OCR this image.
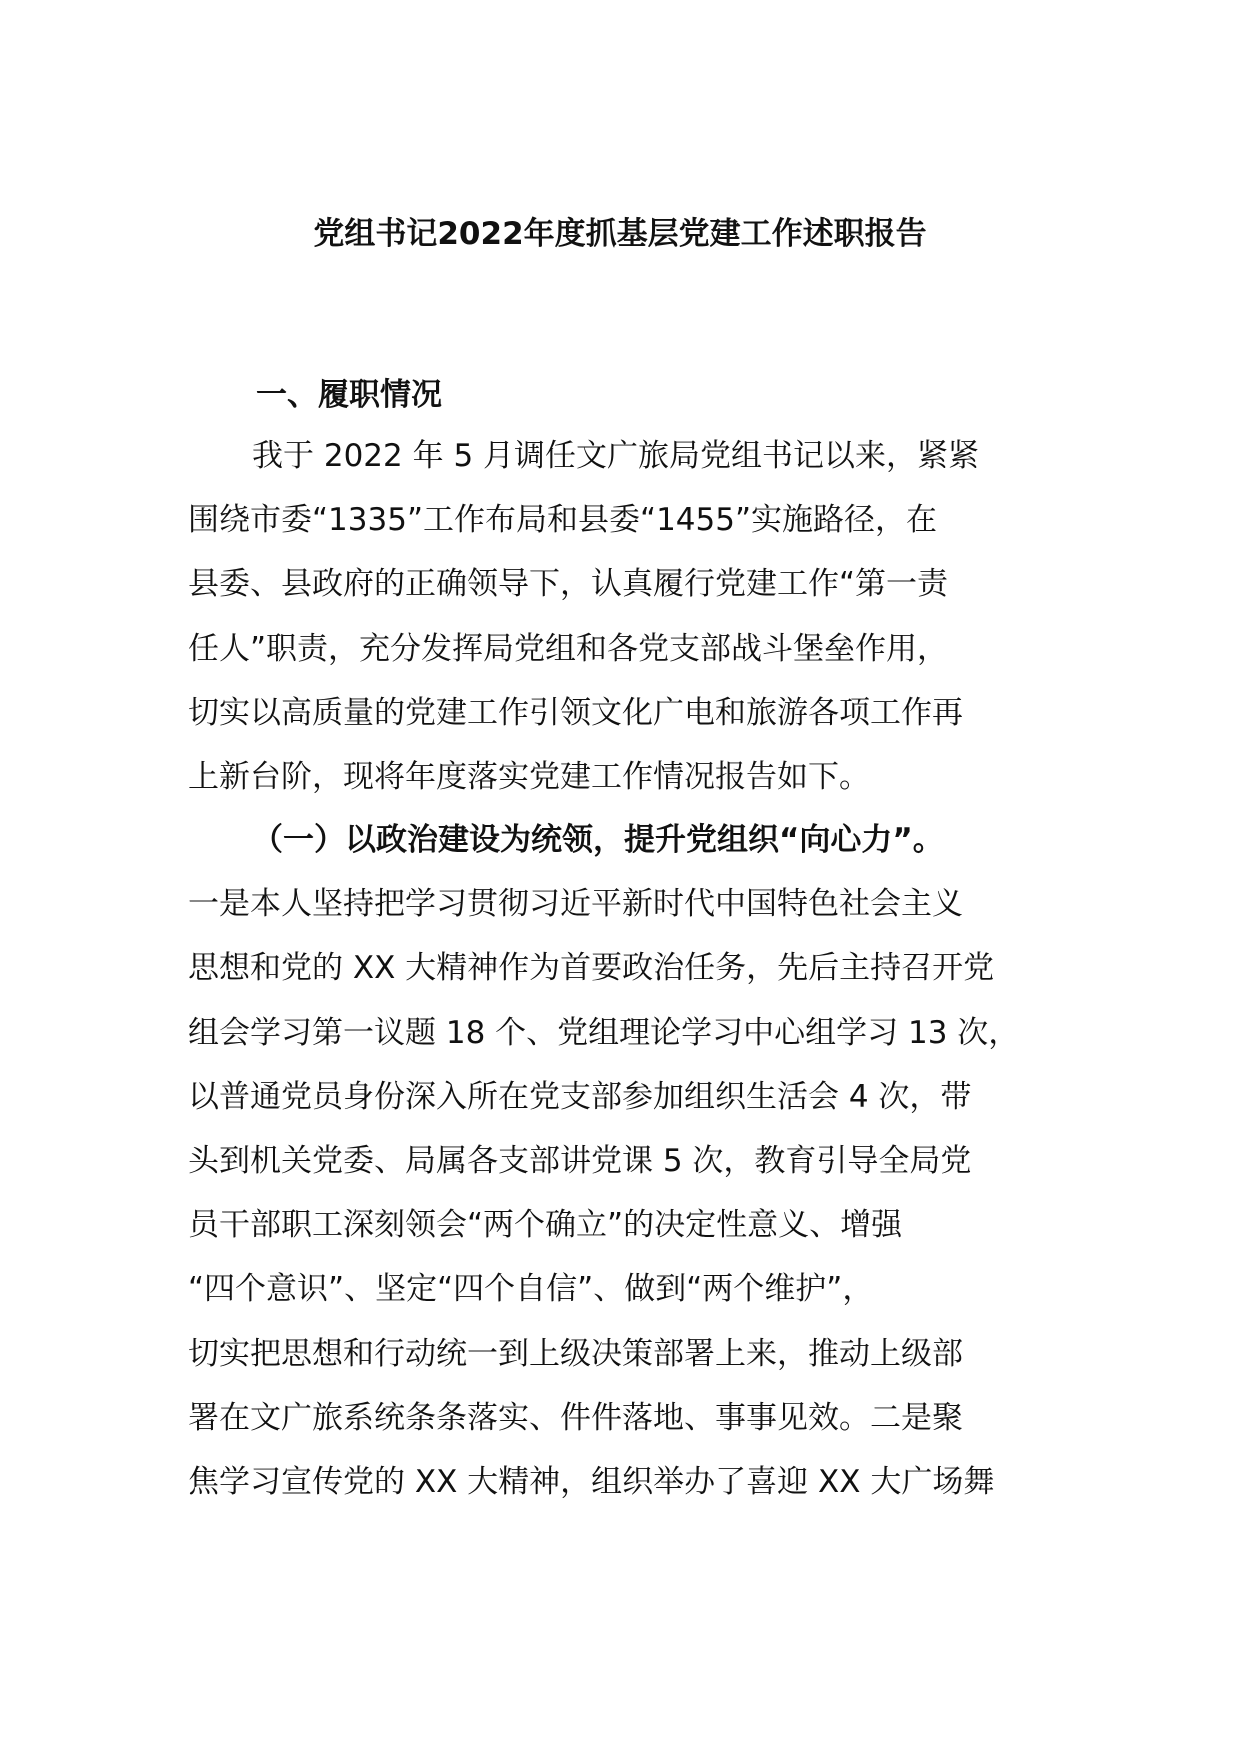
党组书记2022年度抓基层党建工作述职报告
一、履职情况
我于 2022 年 5 月调任文广旅局党组书记以来，紧紧
围绕市委“1335”工作布局和县委“1455”实施路径，在
县委、县政府的正确领导下，认真履行党建工作“第一责
任人”职责，充分发挥局党组和各党支部战斗堡垒作用，
切实以高质量的党建工作引领文化广电和旅游各项工作再
上新台阶，现将年度落实党建工作情况报告如下。
（一）以政治建设为统领，提升党组织“向心力”。
一是本人坚持把学习贯彻习近平新时代中国特色社会主义
思想和党的 XX 大精神作为首要政治任务，先后主持召开党
组会学习第一议题 18 个、党组理论学习中心组学习 13 次，
以普通党员身份深入所在党支部参加组织生活会 4 次，带
头到机关党委、局属各支部讲党课 5 次，教育引导全局党
员干部职工深刻领会“两个确立”的决定性意义、增强
“四个意识”、坚定“四个自信”、做到“两个维护”，
切实把思想和行动统一到上级决策部署上来，推动上级部
署在文广旅系统条条落实、件件落地、事事见效。二是聚
焦学习宣传党的 XX 大精神，组织举办了喜迎 XX 大广场舞
